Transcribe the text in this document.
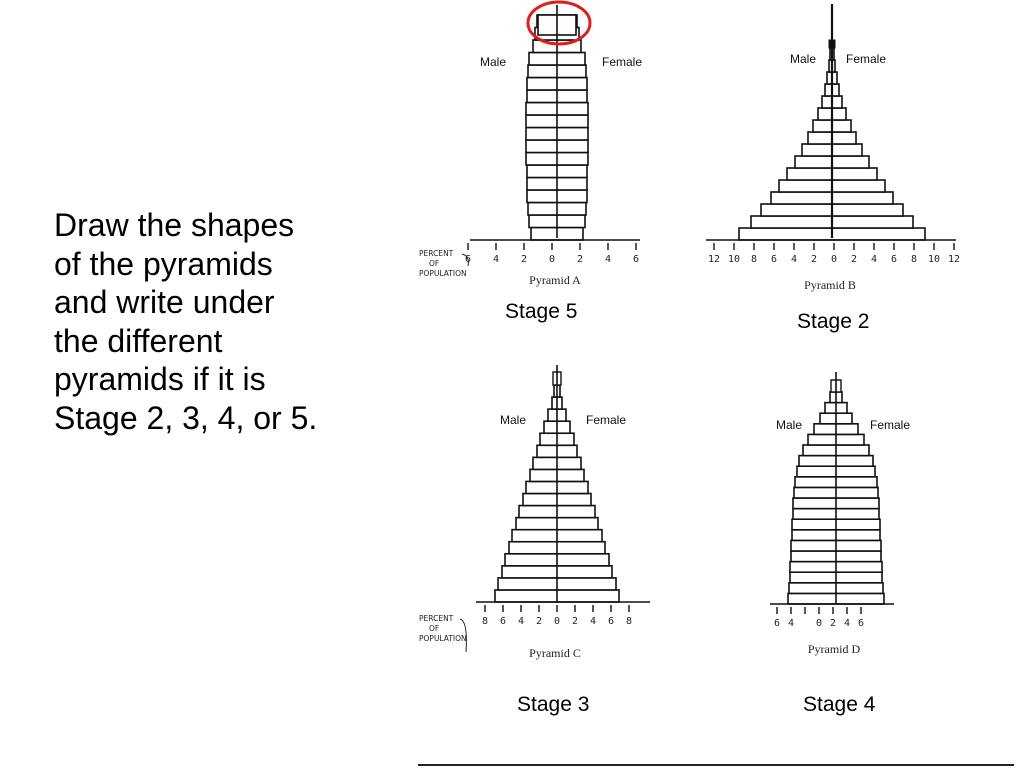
Draw the shapes
of the pyramids
and write under
the different
pyramids if it is
Stage 2, 3, 4, or 5.
6 4 2 0 2 4 6
Male	Female
Pyramid A
12 10 8 6 4 2 0 2 4 6 8 10 12
Male Female
Pyramid B
8 6 4 2 0 2 4 6 8
Male	Female
Pyramid C
6 4 0 2 4 6
Male	Female
Pyramid D
PERCENT
OF
POPULATION
PERCENT
OF
POPULATION
Stage 5	Stage 2
Stage 3	Stage 4
